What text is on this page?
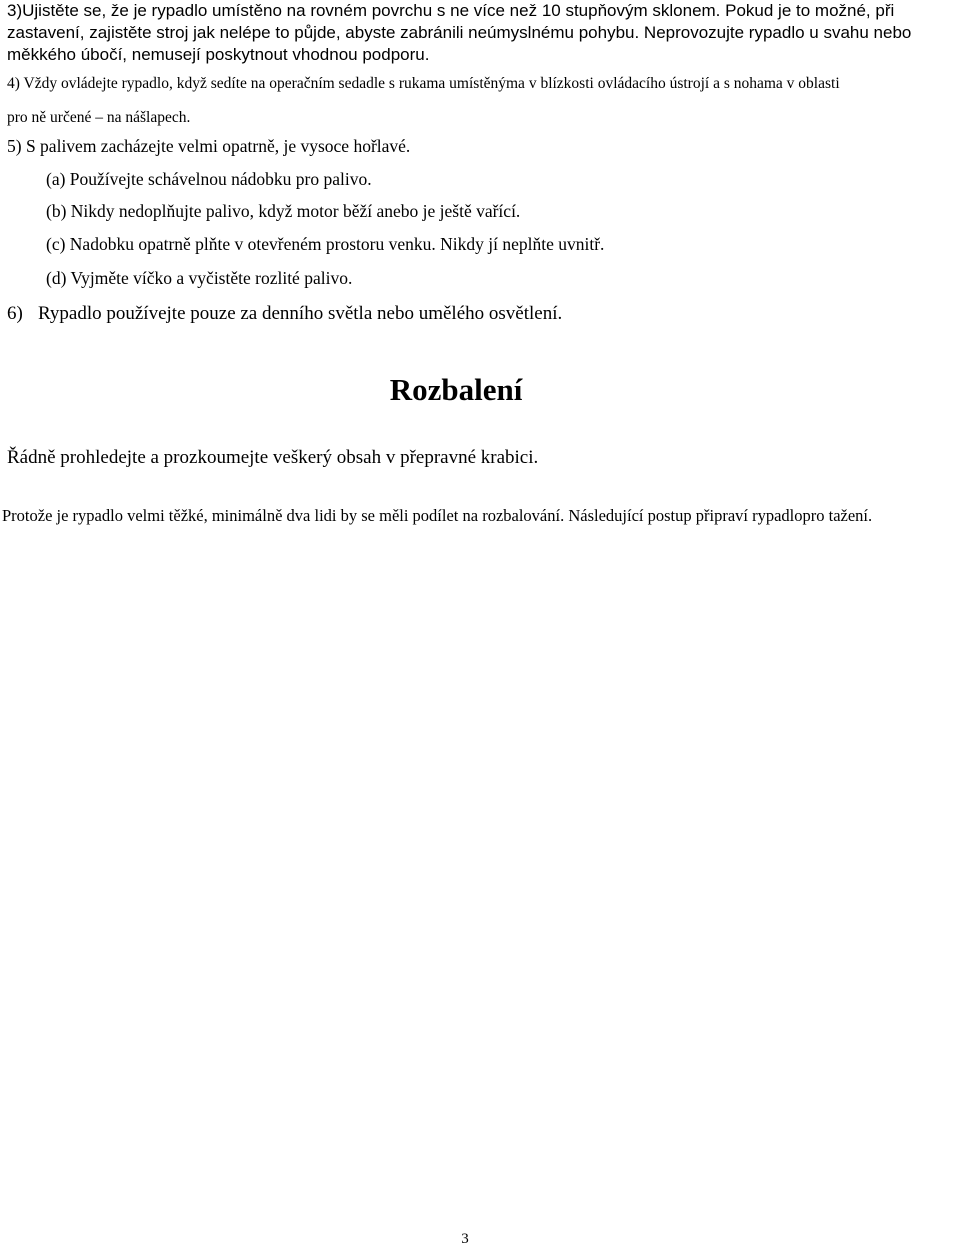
3)Ujistěte se, že je rypadlo umístěno na rovném povrchu s ne více než 10 stupňovým sklonem. Pokud je to možné, při
zastavení, zajistěte stroj jak nelépe to půjde, abyste zabránili neúmyslnému pohybu. Neprovozujte rypadlo u svahu nebo
měkkého úbočí, nemusejí poskytnout vhodnou podporu.
4) Vždy ovládejte rypadlo, když sedíte na operačním sedadle s rukama umístěnýma v blízkosti ovládacího ústrojí a s nohama v oblasti
pro ně určené – na nášlapech.
5) S palivem zacházejte velmi opatrně, je vysoce hořlavé.
(a) Používejte schávelnou nádobku pro palivo.
(b) Nikdy nedoplňujte palivo, když motor běží anebo je ještě vařící.
(c) Nadobku opatrně plňte v otevřeném prostoru venku. Nikdy jí neplňte uvnitř.
(d) Vyjměte víčko a vyčistěte rozlité palivo.
6) Rypadlo používejte pouze za denního světla nebo umělého osvětlení.
Rozbalení
Řádně prohledejte a prozkoumejte veškerý obsah v přepravné krabici.
Protože je rypadlo velmi těžké, minimálně dva lidi by se měli podílet na rozbalování. Následující postup připraví rypadlopro tažení.
3
